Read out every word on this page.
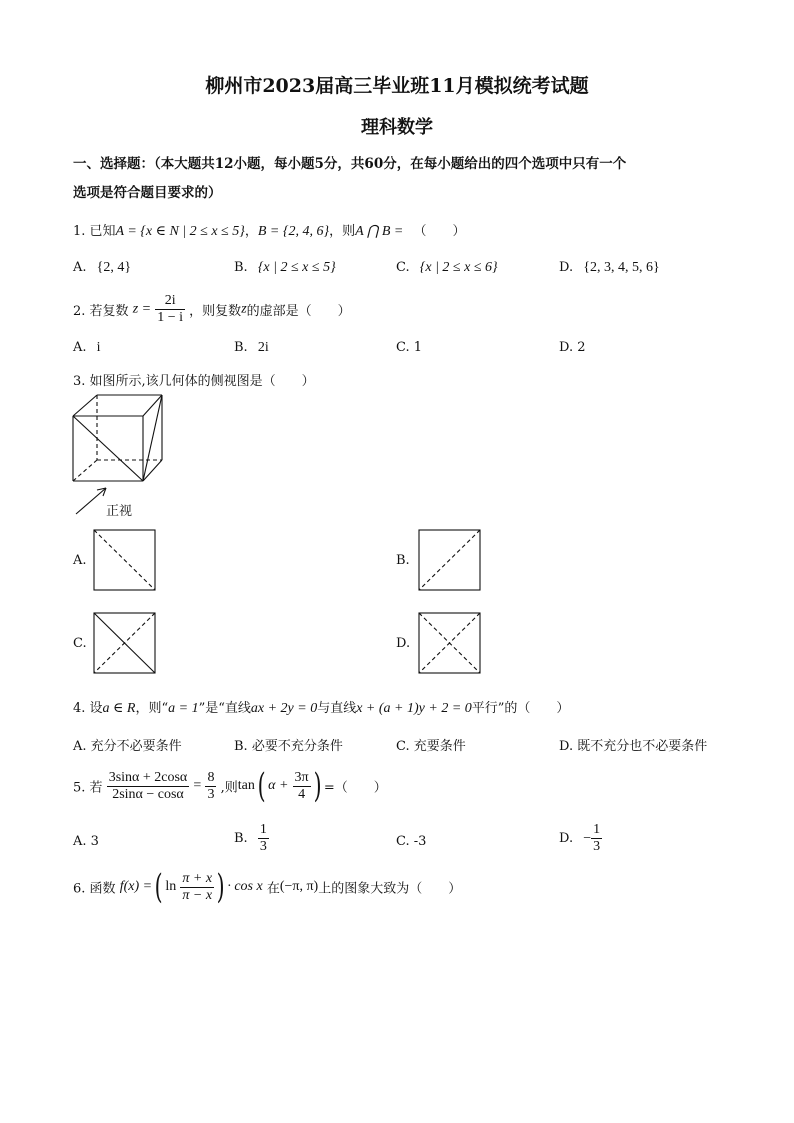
柳州市2023届高三毕业班11月模拟统考试题
理科数学
一、选择题：（本大题共12小题，每小题5分，共60分，在每小题给出的四个选项中只有一个
选项是符合题目要求的）
1. 已知A = {x ∈ N | 2 ≤ x ≤ 5}，B = {2, 4, 6}，则A ⋂ B = （　　）
A. {2, 4}	B. {x | 2 ≤ x ≤ 5}	C. {x | 2 ≤ x ≤ 6}	D. {2, 3, 4, 5, 6}
2. 若复数 $z = \frac{2i}{1 - i}$ ，则复数z的虚部是（　　）
A. i	B. 2i	C. 1	D. 2
3. 如图所示,该几何体的侧视图是（　　）
正视
A.	B.
C.	D.
4. 设a ∈ R，则“a = 1”是“直线ax + 2y = 0与直线x + (a + 1)y + 2 = 0平行”的（　　）
A. 充分不必要条件	B. 必要不充分条件	C. 充要条件	D. 既不充分也不必要条件
5. 若 $\frac{3\sin\alpha + 2\cos\alpha}{2\sin\alpha - \cos\alpha} = \frac{8}{3}$ ,则tan( $\alpha + \frac{3\pi}{4}$ ) =（　　）
A. 3	B. $\frac{1}{3}$	C. -3	D. − $\frac{1}{3}$
6. 函数 f(x) =( $\ln \frac{\pi + x}{\pi - x}$ ) · cos x 在(−π, π)上的图象大致为（　　）
